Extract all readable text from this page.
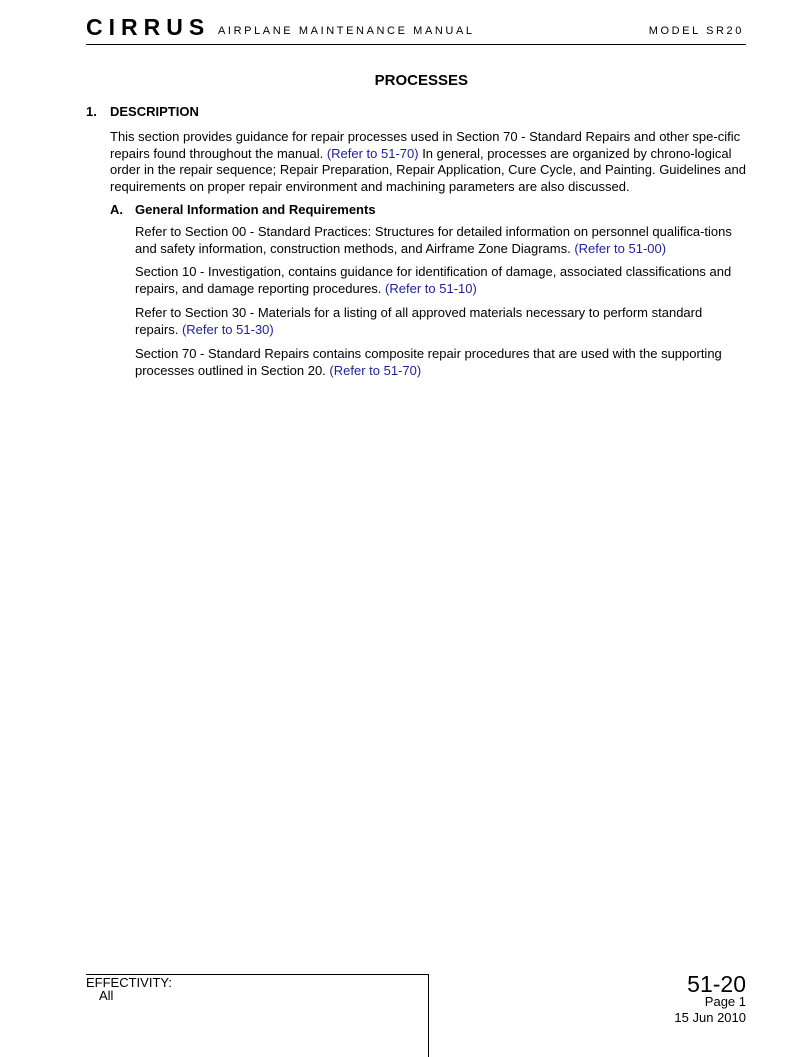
CIRRUS AIRPLANE MAINTENANCE MANUAL	MODEL SR20
PROCESSES
1. DESCRIPTION
This section provides guidance for repair processes used in Section 70 - Standard Repairs and other spe-cific repairs found throughout the manual. (Refer to 51-70) In general, processes are organized by chrono-logical order in the repair sequence; Repair Preparation, Repair Application, Cure Cycle, and Painting. Guidelines and requirements on proper repair environment and machining parameters are also discussed.
A. General Information and Requirements
Refer to Section 00 - Standard Practices: Structures for detailed information on personnel qualifica-tions and safety information, construction methods, and Airframe Zone Diagrams. (Refer to 51-00)
Section 10 - Investigation, contains guidance for identification of damage, associated classifications and repairs, and damage reporting procedures. (Refer to 51-10)
Refer to Section 30 - Materials for a listing of all approved materials necessary to perform standard repairs. (Refer to 51-30)
Section 70 - Standard Repairs contains composite repair procedures that are used with the supporting processes outlined in Section 20. (Refer to 51-70)
EFFECTIVITY:
All	51-20
Page 1
15 Jun 2010
